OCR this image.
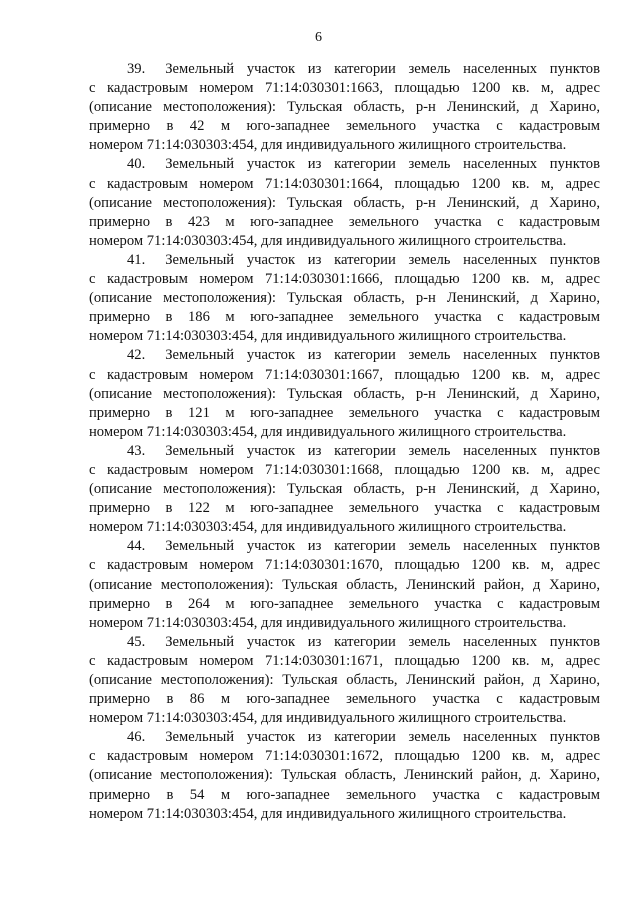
6
39. Земельный участок из категории земель населенных пунктов
с кадастровым номером 71:14:030301:1663, площадью 1200 кв. м, адрес
(описание местоположения): Тульская область, р-н Ленинский, д Харино,
примерно в 42 м юго-западнее земельного участка с кадастровым
номером 71:14:030303:454, для индивидуального жилищного строительства.
40. Земельный участок из категории земель населенных пунктов
с кадастровым номером 71:14:030301:1664, площадью 1200 кв. м, адрес
(описание местоположения): Тульская область, р-н Ленинский, д Харино,
примерно в 423 м юго-западнее земельного участка с кадастровым
номером 71:14:030303:454, для индивидуального жилищного строительства.
41. Земельный участок из категории земель населенных пунктов
с кадастровым номером 71:14:030301:1666, площадью 1200 кв. м, адрес
(описание местоположения): Тульская область, р-н Ленинский, д Харино,
примерно в 186 м юго-западнее земельного участка с кадастровым
номером 71:14:030303:454, для индивидуального жилищного строительства.
42. Земельный участок из категории земель населенных пунктов
с кадастровым номером 71:14:030301:1667, площадью 1200 кв. м, адрес
(описание местоположения): Тульская область, р-н Ленинский, д Харино,
примерно в 121 м юго-западнее земельного участка с кадастровым
номером 71:14:030303:454, для индивидуального жилищного строительства.
43. Земельный участок из категории земель населенных пунктов
с кадастровым номером 71:14:030301:1668, площадью 1200 кв. м, адрес
(описание местоположения): Тульская область, р-н Ленинский, д Харино,
примерно в 122 м юго-западнее земельного участка с кадастровым
номером 71:14:030303:454, для индивидуального жилищного строительства.
44. Земельный участок из категории земель населенных пунктов
с кадастровым номером 71:14:030301:1670, площадью 1200 кв. м, адрес
(описание местоположения): Тульская область, Ленинский район, д Харино,
примерно в 264 м юго-западнее земельного участка с кадастровым
номером 71:14:030303:454, для индивидуального жилищного строительства.
45. Земельный участок из категории земель населенных пунктов
с кадастровым номером 71:14:030301:1671, площадью 1200 кв. м, адрес
(описание местоположения): Тульская область, Ленинский район, д Харино,
примерно в 86 м юго-западнее земельного участка с кадастровым
номером 71:14:030303:454, для индивидуального жилищного строительства.
46. Земельный участок из категории земель населенных пунктов
с кадастровым номером 71:14:030301:1672, площадью 1200 кв. м, адрес
(описание местоположения): Тульская область, Ленинский район, д. Харино,
примерно в 54 м юго-западнее земельного участка с кадастровым
номером 71:14:030303:454, для индивидуального жилищного строительства.
